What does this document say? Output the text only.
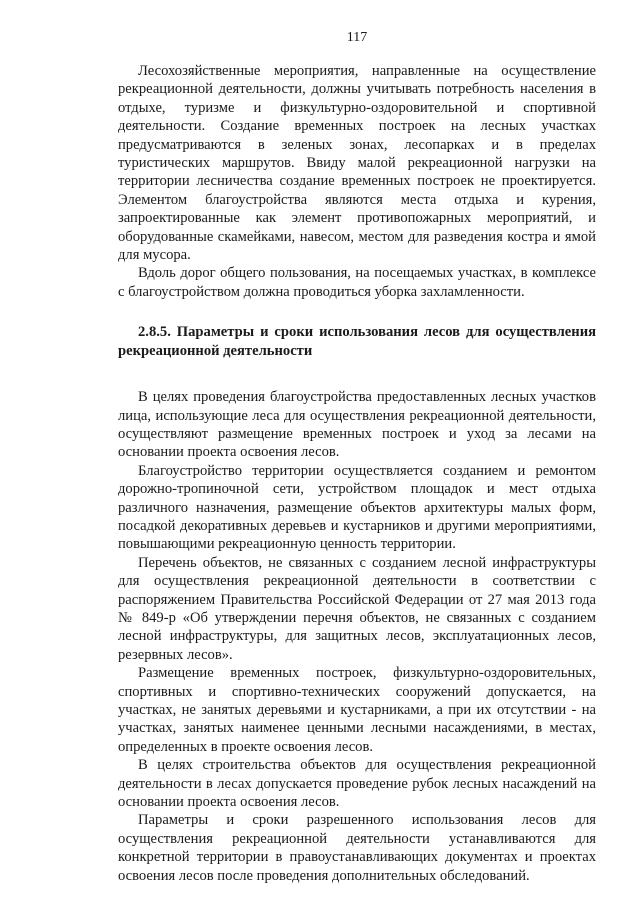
117

Лесохозяйственные мероприятия, направленные на осуществление рекреационной деятельности, должны учитывать потребность населения в отдыхе, туризме и физкультурно-оздоровительной и спортивной деятельности. Создание временных построек на лесных участках предусматриваются в зеленых зонах, лесопарках и в пределах туристических маршрутов. Ввиду малой рекреационной нагрузки на территории лесничества создание временных построек не проектируется. Элементом благоустройства являются места отдыха и курения, запроектированные как элемент противопожарных мероприятий, и оборудованные скамейками, навесом, местом для разведения костра и ямой для мусора.

Вдоль дорог общего пользования, на посещаемых участках, в комплексе с благоустройством должна проводиться уборка захламленности.

2.8.5. Параметры и сроки использования лесов для осуществления рекреационной деятельности

В целях проведения благоустройства предоставленных лесных участков лица, использующие леса для осуществления рекреационной деятельности, осуществляют размещение временных построек и уход за лесами на основании проекта освоения лесов.

Благоустройство территории осуществляется созданием и ремонтом дорожно-тропиночной сети, устройством площадок и мест отдыха различного назначения, размещение объектов архитектуры малых форм, посадкой декоративных деревьев и кустарников и другими мероприятиями, повышающими рекреационную ценность территории.

Перечень объектов, не связанных с созданием лесной инфраструктуры для осуществления рекреационной деятельности в соответствии с распоряжением Правительства Российской Федерации от 27 мая 2013 года № 849-р «Об утверждении перечня объектов, не связанных с созданием лесной инфраструктуры, для защитных лесов, эксплуатационных лесов, резервных лесов».

Размещение временных построек, физкультурно-оздоровительных, спортивных и спортивно-технических сооружений допускается, на участках, не занятых деревьями и кустарниками, а при их отсутствии - на участках, занятых наименее ценными лесными насаждениями, в местах, определенных в проекте освоения лесов.

В целях строительства объектов для осуществления рекреационной деятельности в лесах допускается проведение рубок лесных насаждений на основании проекта освоения лесов.

Параметры и сроки разрешенного использования лесов для осуществления рекреационной деятельности устанавливаются для конкретной территории в правоустанавливающих документах и проектах освоения лесов после проведения дополнительных обследований.
